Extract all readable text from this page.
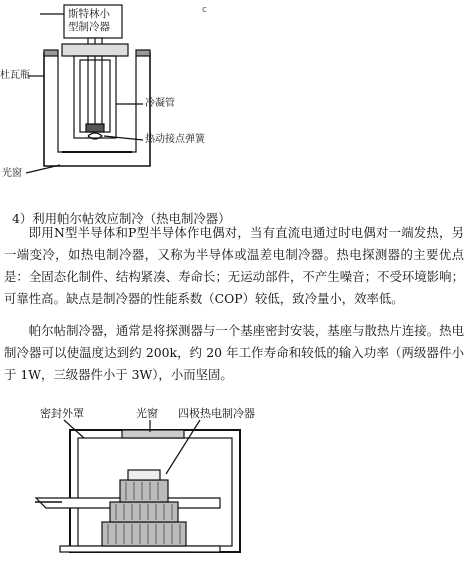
斯特林小
型制冷器
杜瓦瓶
冷凝管
热动接点弹簧
光窗
c
4）利用帕尔帖效应制冷（热电制冷器）

即用N型半导体和P型半导体作电偶对，当有直流电通过时电偶对一端发热，另一端变冷，如热电制冷器，又称为半导体或温差电制冷器。热电探测器的主要优点是：全固态化制件、结构紧凑、寿命长；无运动部件，不产生噪音；不受环境影响；可靠性高。缺点是制冷器的性能系数（COP）较低，致冷量小，效率低。

帕尔帖制冷器，通常是将探测器与一个基座密封安装，基座与散热片连接。热电制冷器可以使温度达到约 200k，约 20 年工作寿命和较低的输入功率（两级器件小于 1W，三级器件小于 3W），小而坚固。

密封外罩	光窗 四极热电制冷器
